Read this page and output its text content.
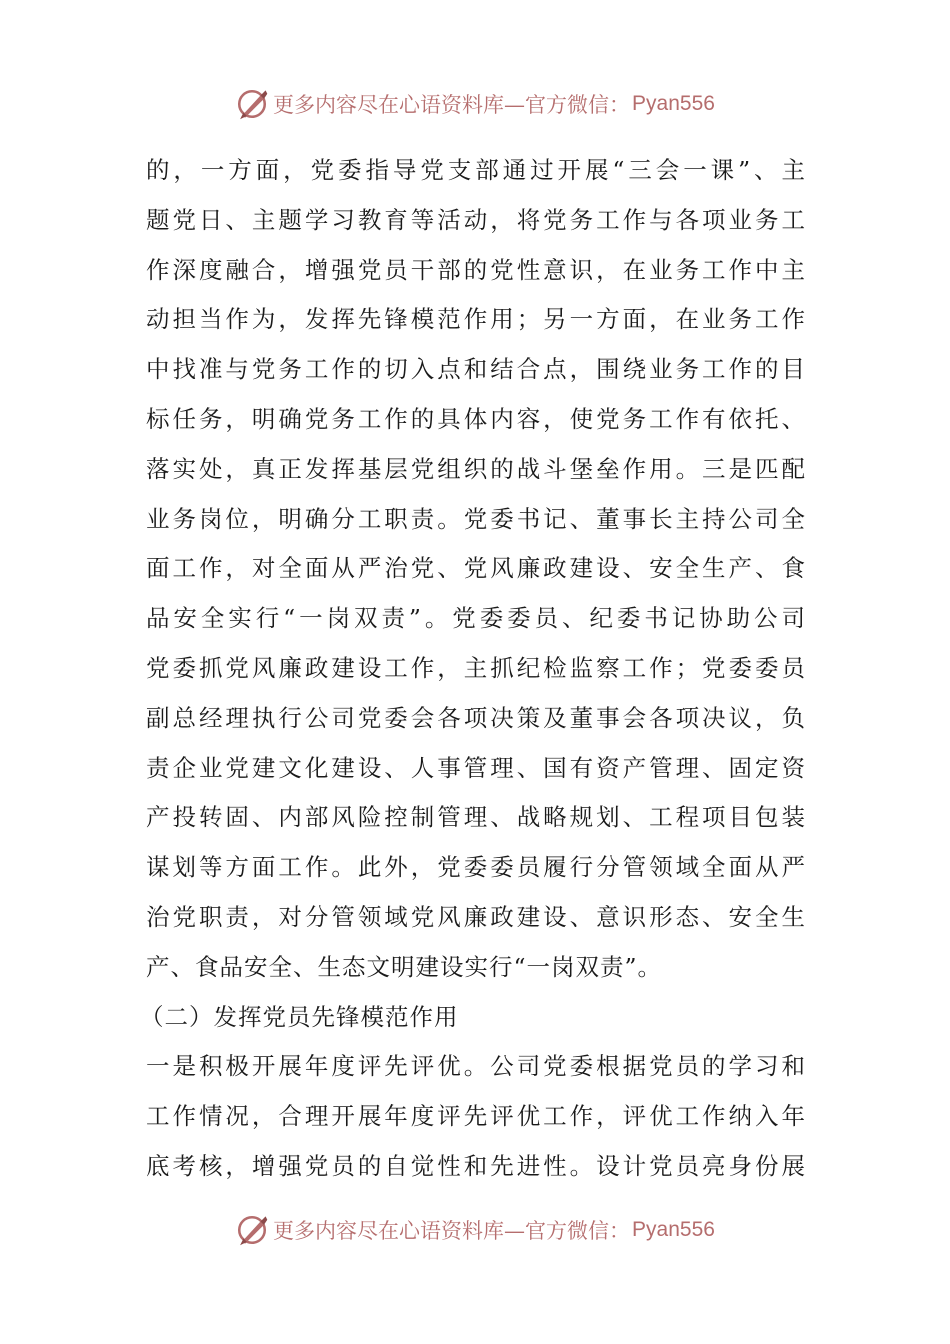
更多内容尽在心语资料库—官方微信： Pyan556
的，一方面，党委指导党支部通过开展“三会一课”、主
题党日、主题学习教育等活动，将党务工作与各项业务工
作深度融合，增强党员干部的党性意识，在业务工作中主
动担当作为，发挥先锋模范作用；另一方面，在业务工作
中找准与党务工作的切入点和结合点，围绕业务工作的目
标任务，明确党务工作的具体内容，使党务工作有依托、
落实处，真正发挥基层党组织的战斗堡垒作用。三是匹配
业务岗位，明确分工职责。党委书记、董事长主持公司全
面工作，对全面从严治党、党风廉政建设、安全生产、食
品安全实行“一岗双责”。党委委员、纪委书记协助公司
党委抓党风廉政建设工作，主抓纪检监察工作；党委委员
副总经理执行公司党委会各项决策及董事会各项决议，负
责企业党建文化建设、人事管理、国有资产管理、固定资
产投转固、内部风险控制管理、战略规划、工程项目包装
谋划等方面工作。此外，党委委员履行分管领域全面从严
治党职责，对分管领域党风廉政建设、意识形态、安全生
产、食品安全、生态文明建设实行“一岗双责”。
（二）发挥党员先锋模范作用
一是积极开展年度评先评优。公司党委根据党员的学习和
工作情况，合理开展年度评先评优工作，评优工作纳入年
底考核，增强党员的自觉性和先进性。设计党员亮身份展
更多内容尽在心语资料库—官方微信： Pyan556
